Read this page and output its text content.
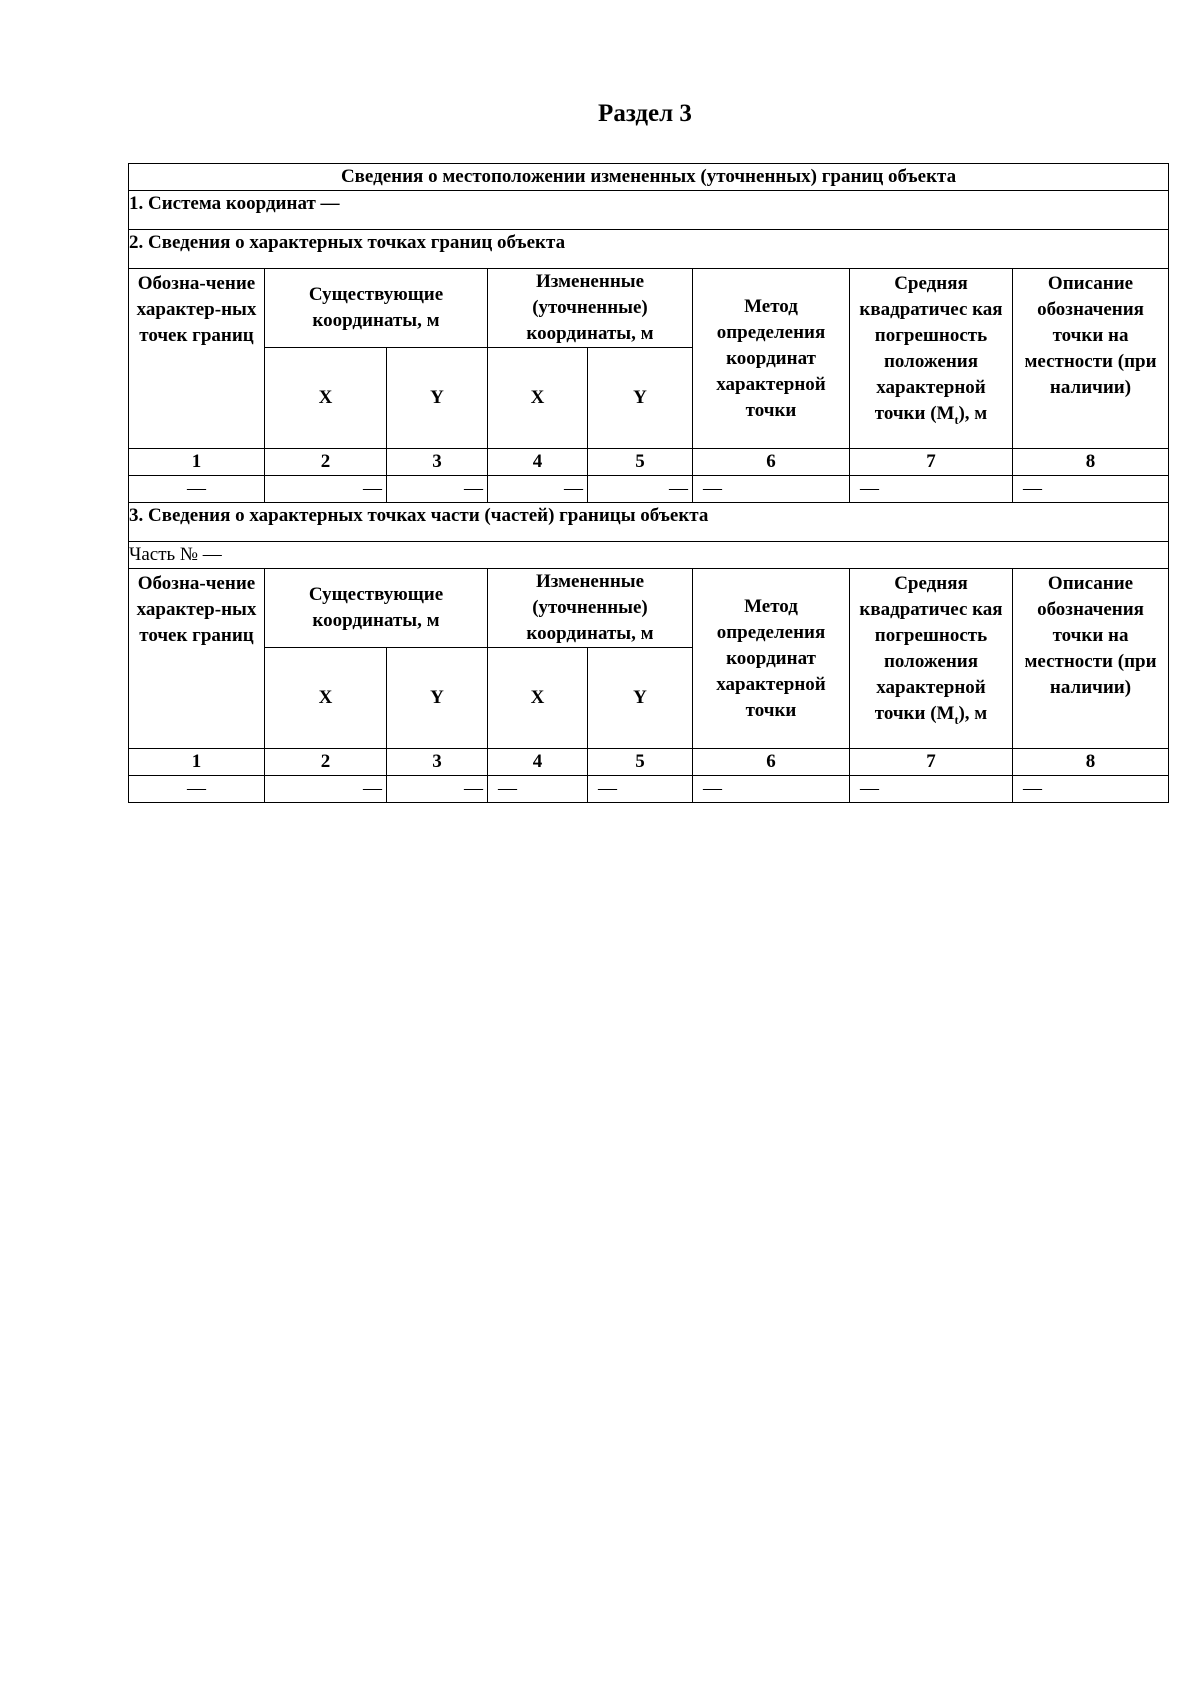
Раздел 3
Сведения о местоположении измененных (уточненных) границ объекта							
1. Система координат —							
2. Сведения о характерных точках границ объекта							
Обозна-чение характер-ных точек границ	Существующие координаты, м		Измененные (уточненные) координаты, м		Метод определения координат характерной точки	Средняя квадратичес кая погрешность положения характерной точки $(M_t)$, м	Описание обозначения точки на местности (при наличии)
	X	Y	X	Y			
1	2	3	4	5	6	7	8
—	—	—	—	—	—	—	—
3. Сведения о характерных точках части (частей) границы объекта							
Часть № —							
Обозна-чение характер-ных точек границ	Существующие координаты, м		Измененные (уточненные) координаты, м		Метод определения координат характерной точки	Средняя квадратичес кая погрешность положения характерной точки $(M_t)$, м	Описание обозначения точки на местности (при наличии)
	X	Y	X	Y			
1	2	3	4	5	6	7	8
—	—	—	—	—	—	—	—
